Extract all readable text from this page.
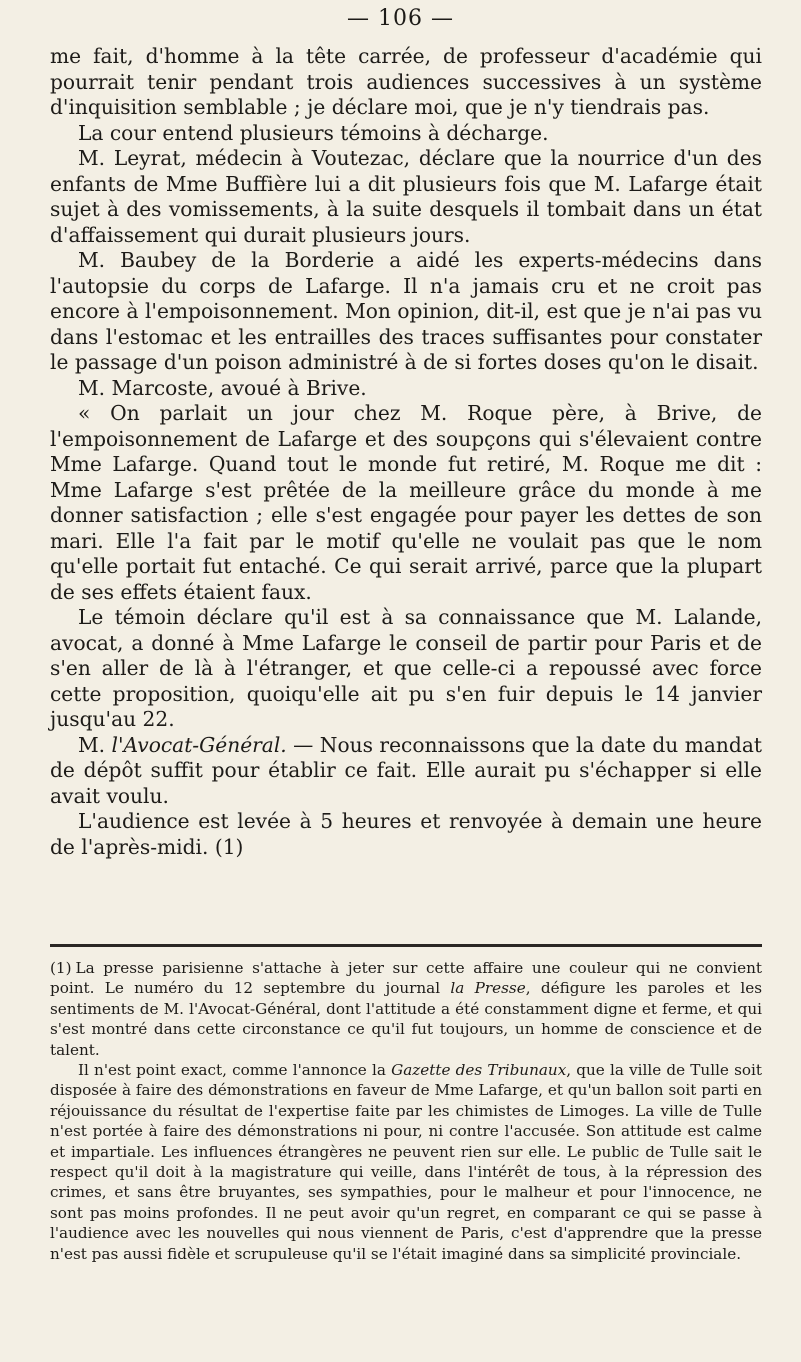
— 106 —

me fait, d'homme à la tête carrée, de professeur d'académie qui pourrait tenir pendant trois audiences successives à un système d'inquisition semblable ; je déclare moi, que je n'y tiendrais pas.

La cour entend plusieurs témoins à décharge.

M. Leyrat, médecin à Voutezac, déclare que la nourrice d'un des enfants de Mme Buffière lui a dit plusieurs fois que M. Lafarge était sujet à des vomissements, à la suite desquels il tombait dans un état d'affaissement qui durait plusieurs jours.

M. Baubey de la Borderie a aidé les experts-médecins dans l'autopsie du corps de Lafarge. Il n'a jamais cru et ne croit pas encore à l'empoisonnement. Mon opinion, dit-il, est que je n'ai pas vu dans l'estomac et les entrailles des traces suffisantes pour constater le passage d'un poison administré à de si fortes doses qu'on le disait.

M. Marcoste, avoué à Brive.

« On parlait un jour chez M. Roque père, à Brive, de l'empoisonnement de Lafarge et des soupçons qui s'élevaient contre Mme Lafarge. Quand tout le monde fut retiré, M. Roque me dit : Mme Lafarge s'est prêtée de la meilleure grâce du monde à me donner satisfaction ; elle s'est engagée pour payer les dettes de son mari. Elle l'a fait par le motif qu'elle ne voulait pas que le nom qu'elle portait fut entaché. Ce qui serait arrivé, parce que la plupart de ses effets étaient faux.

Le témoin déclare qu'il est à sa connaissance que M. Lalande, avocat, a donné à Mme Lafarge le conseil de partir pour Paris et de s'en aller de là à l'étranger, et que celle-ci a repoussé avec force cette proposition, quoiqu'elle ait pu s'en fuir depuis le 14 janvier jusqu'au 22.

M. l'Avocat-Général. — Nous reconnaissons que la date du mandat de dépôt suffit pour établir ce fait. Elle aurait pu s'échapper si elle avait voulu.

L'audience est levée à 5 heures et renvoyée à demain une heure de l'après-midi. (1)

(1) La presse parisienne s'attache à jeter sur cette affaire une couleur qui ne convient point. Le numéro du 12 septembre du journal la Presse, défigure les paroles et les sentiments de M. l'Avocat-Général, dont l'attitude a été constamment digne et ferme, et qui s'est montré dans cette circonstance ce qu'il fut toujours, un homme de conscience et de talent.

Il n'est point exact, comme l'annonce la Gazette des Tribunaux, que la ville de Tulle soit disposée à faire des démonstrations en faveur de Mme Lafarge, et qu'un ballon soit parti en réjouissance du résultat de l'expertise faite par les chimistes de Limoges. La ville de Tulle n'est portée à faire des démonstrations ni pour, ni contre l'accusée. Son attitude est calme et impartiale. Les influences étrangères ne peuvent rien sur elle. Le public de Tulle sait le respect qu'il doit à la magistrature qui veille, dans l'intérêt de tous, à la répression des crimes, et sans être bruyantes, ses sympathies, pour le malheur et pour l'innocence, ne sont pas moins profondes. Il ne peut avoir qu'un regret, en comparant ce qui se passe à l'audience avec les nouvelles qui nous viennent de Paris, c'est d'apprendre que la presse n'est pas aussi fidèle et scrupuleuse qu'il se l'était imaginé dans sa simplicité provinciale.
